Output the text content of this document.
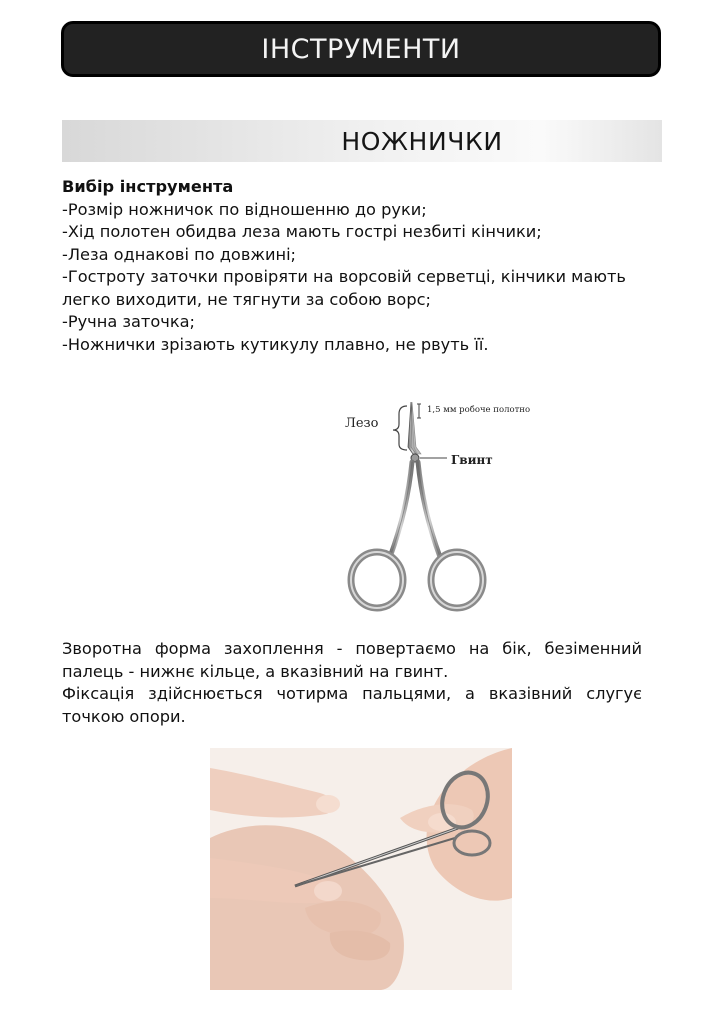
ІНСТРУМЕНТИ
НОЖНИЧКИ
Вибір інструмента
-Розмір ножничок по відношенню до руки;
-Хід полотен обидва леза мають гострі незбиті кінчики;
-Леза однакові по довжині;
-Гостроту заточки провіряти на ворсовій серветці, кінчики мають
легко виходити, не тягнути за собою ворс;
-Ручна заточка;
-Ножнички зрізають кутикулу плавно, не рвуть її.
Лезо
1,5 мм робоче полотно
Гвинт

Зворотна форма захоплення - повертаємо на бік, безіменний палець - нижнє кільце, а вказівний на гвинт.

Фіксація здійснюється чотирма пальцями, а вказівний слугує точкою опори.
